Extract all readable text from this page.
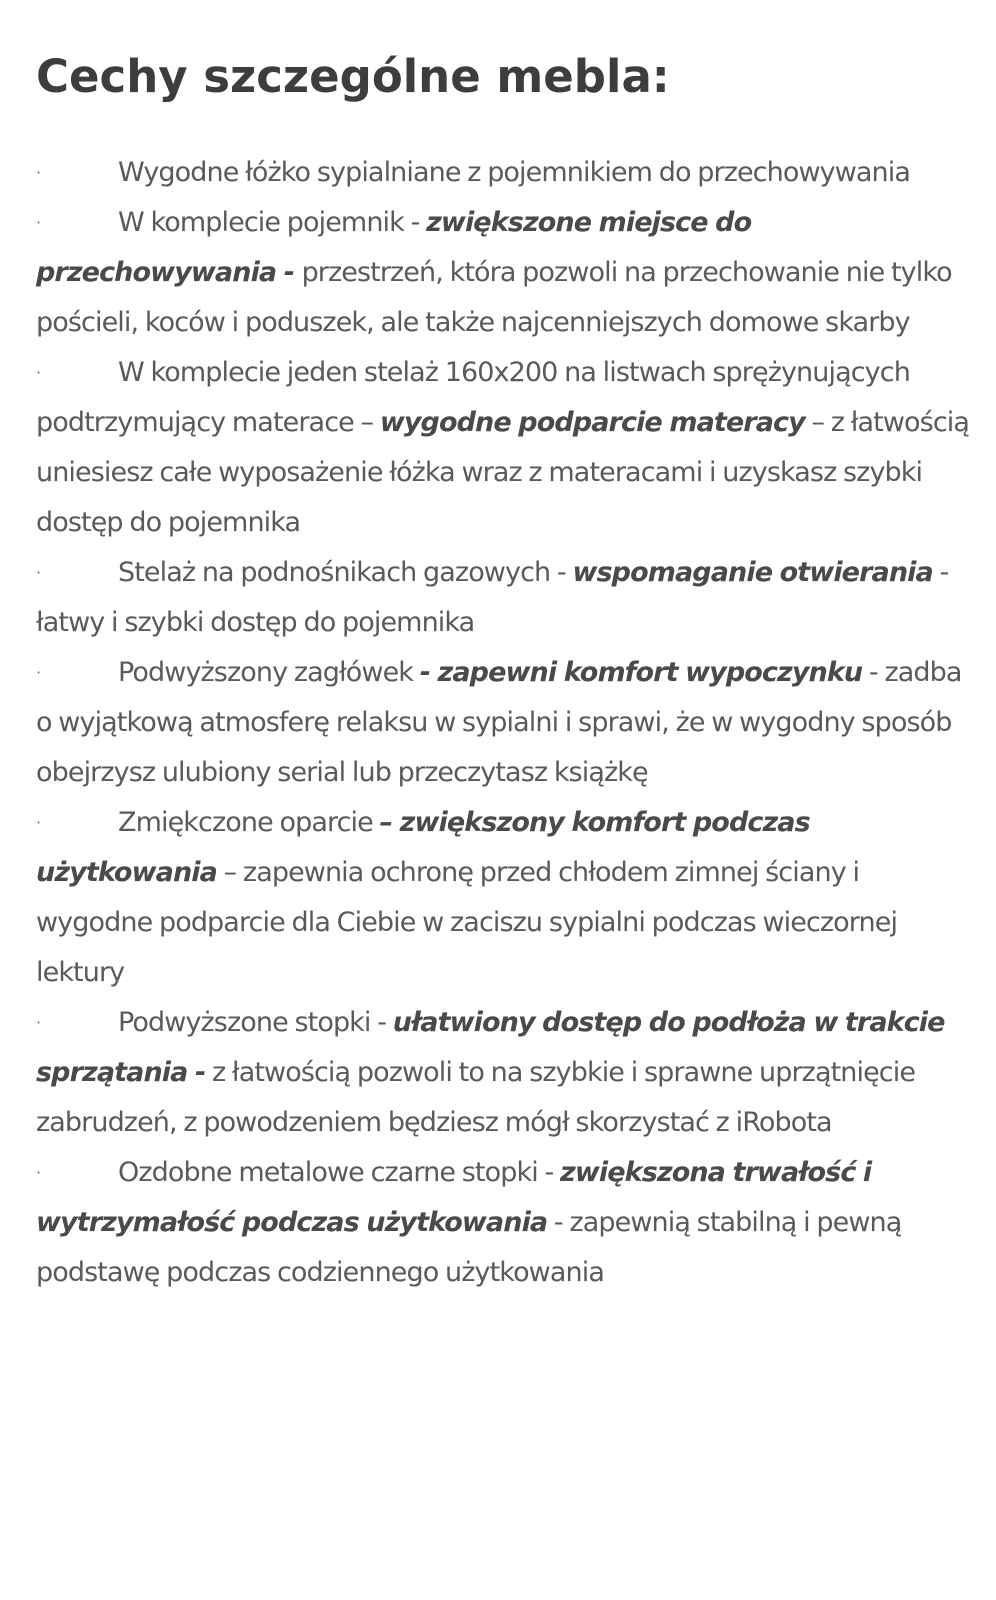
Cechy szczególne mebla:
·	Wygodne łóżko sypialniane z pojemnikiem do przechowywania
·	W komplecie pojemnik - zwiększone miejsce do przechowywania - przestrzeń, która pozwoli na przechowanie nie tylko pościeli, koców i poduszek, ale także najcenniejszych domowe skarby
·	W komplecie jeden stelaż 160x200 na listwach sprężynujących podtrzymujący materace – wygodne podparcie materacy – z łatwością uniesiesz całe wyposażenie łóżka wraz z materacami i uzyskasz szybki dostęp do pojemnika
·	Stelaż na podnośnikach gazowych - wspomaganie otwierania - łatwy i szybki dostęp do pojemnika
·	Podwyższony zagłówek - zapewni komfort wypoczynku - zadba o wyjątkową atmosferę relaksu w sypialni i sprawi, że w wygodny sposób obejrzysz ulubiony serial lub przeczytasz książkę
·	Zmiękczone oparcie – zwiększony komfort podczas użytkowania – zapewnia ochronę przed chłodem zimnej ściany i wygodne podparcie dla Ciebie w zaciszu sypialni podczas wieczornej lektury
·	Podwyższone stopki - ułatwiony dostęp do podłoża w trakcie sprzątania - z łatwością pozwoli to na szybkie i sprawne uprzątnięcie zabrudzeń, z powodzeniem będziesz mógł skorzystać z iRobota
·	Ozdobne metalowe czarne stopki - zwiększona trwałość i wytrzymałość podczas użytkowania - zapewnią stabilną i pewną podstawę podczas codziennego użytkowania
